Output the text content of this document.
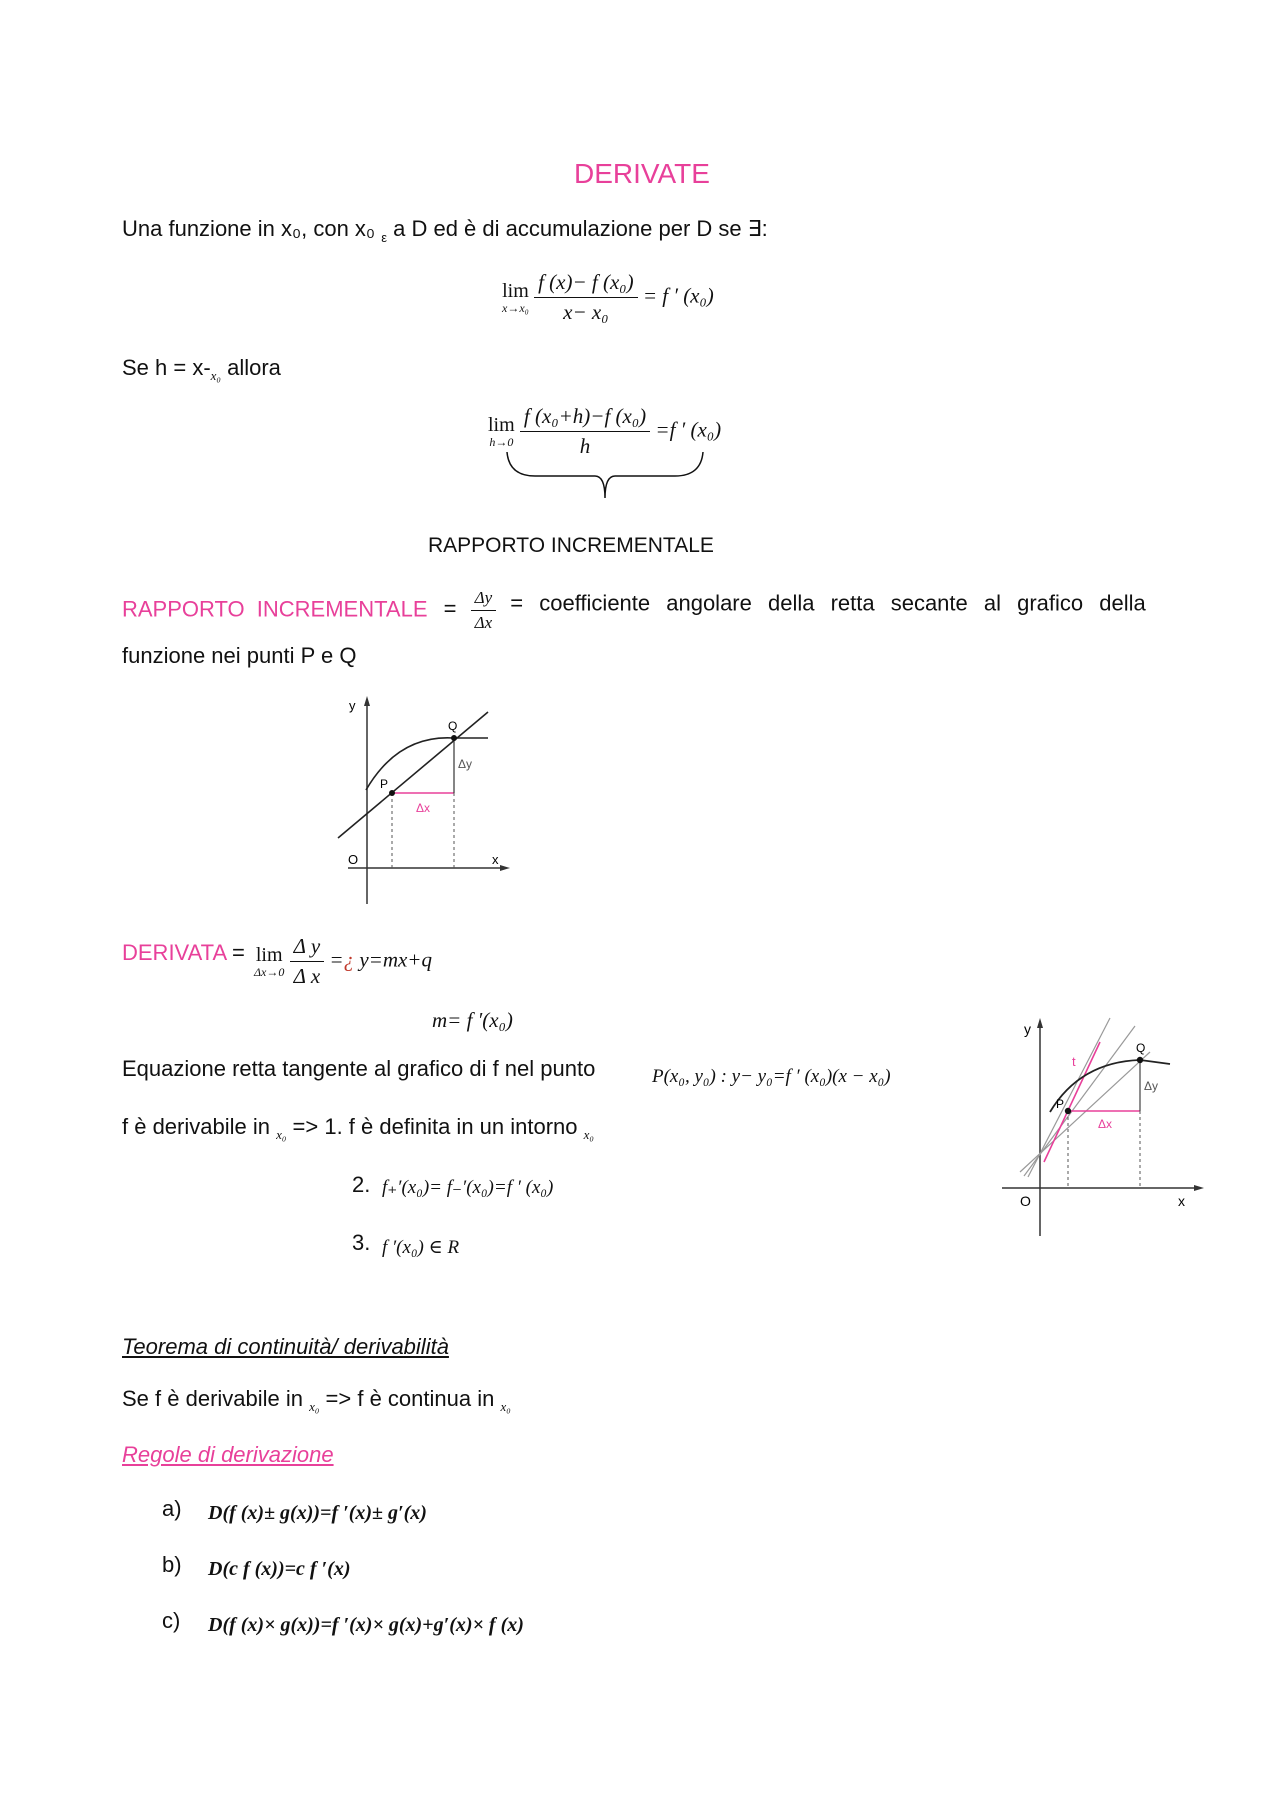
DERIVATE
Una funzione in x₀, con x₀ $_\varepsilon$ a D ed è di accumulazione per D se ∃:
lim
x→x₀
$\frac{\text{f (x)− f (x₀)}}{\text{x− x₀}} = f$ ′ (x₀)
Se $h = x-_{x_0}$ allora
lim
h→0
$\frac{\text{f (x₀+h)−f (x₀)}}{h} =f$ ′ (x₀)
RAPPORTO INCREMENTALE
RAPPORTO INCREMENTALE = $\frac{\Delta y}{\Delta x}$ = coefficiente angolare della retta secante al grafico della
funzione nei punti P e Q
y
x
O
P
Q
Δy
Δx
DERIVATA = lim
Δx→0
$\frac{\text{Δ y}}{\text{Δ x}}$ =¿ y=mx+q
m= f ′(x₀)
Equazione retta tangente al grafico di f nel punto	P(x₀, y₀) : y− y₀=f ′ (x₀)(x − x₀)
f è derivabile in $_{x_0}$ => 1. f è definita in un intorno $_{x_0}$
2. f₊′(x₀)= f₋′(x₀)=f ′ (x₀)
3. f ′(x₀) ∈ R
y
x
O
P
Q
t
Δy
Δx
Teorema di continuità/ derivabilità
Se f è derivabile in $_{x_0}$ => f è continua in $_{x_0}$
Regole di derivazione
a) D(f (x)± g(x))=f ′(x)± g′(x)
b) D(c f (x))=c f ′(x)
c) D(f (x)× g(x))=f ′(x)× g(x)+g′(x)× f (x)
